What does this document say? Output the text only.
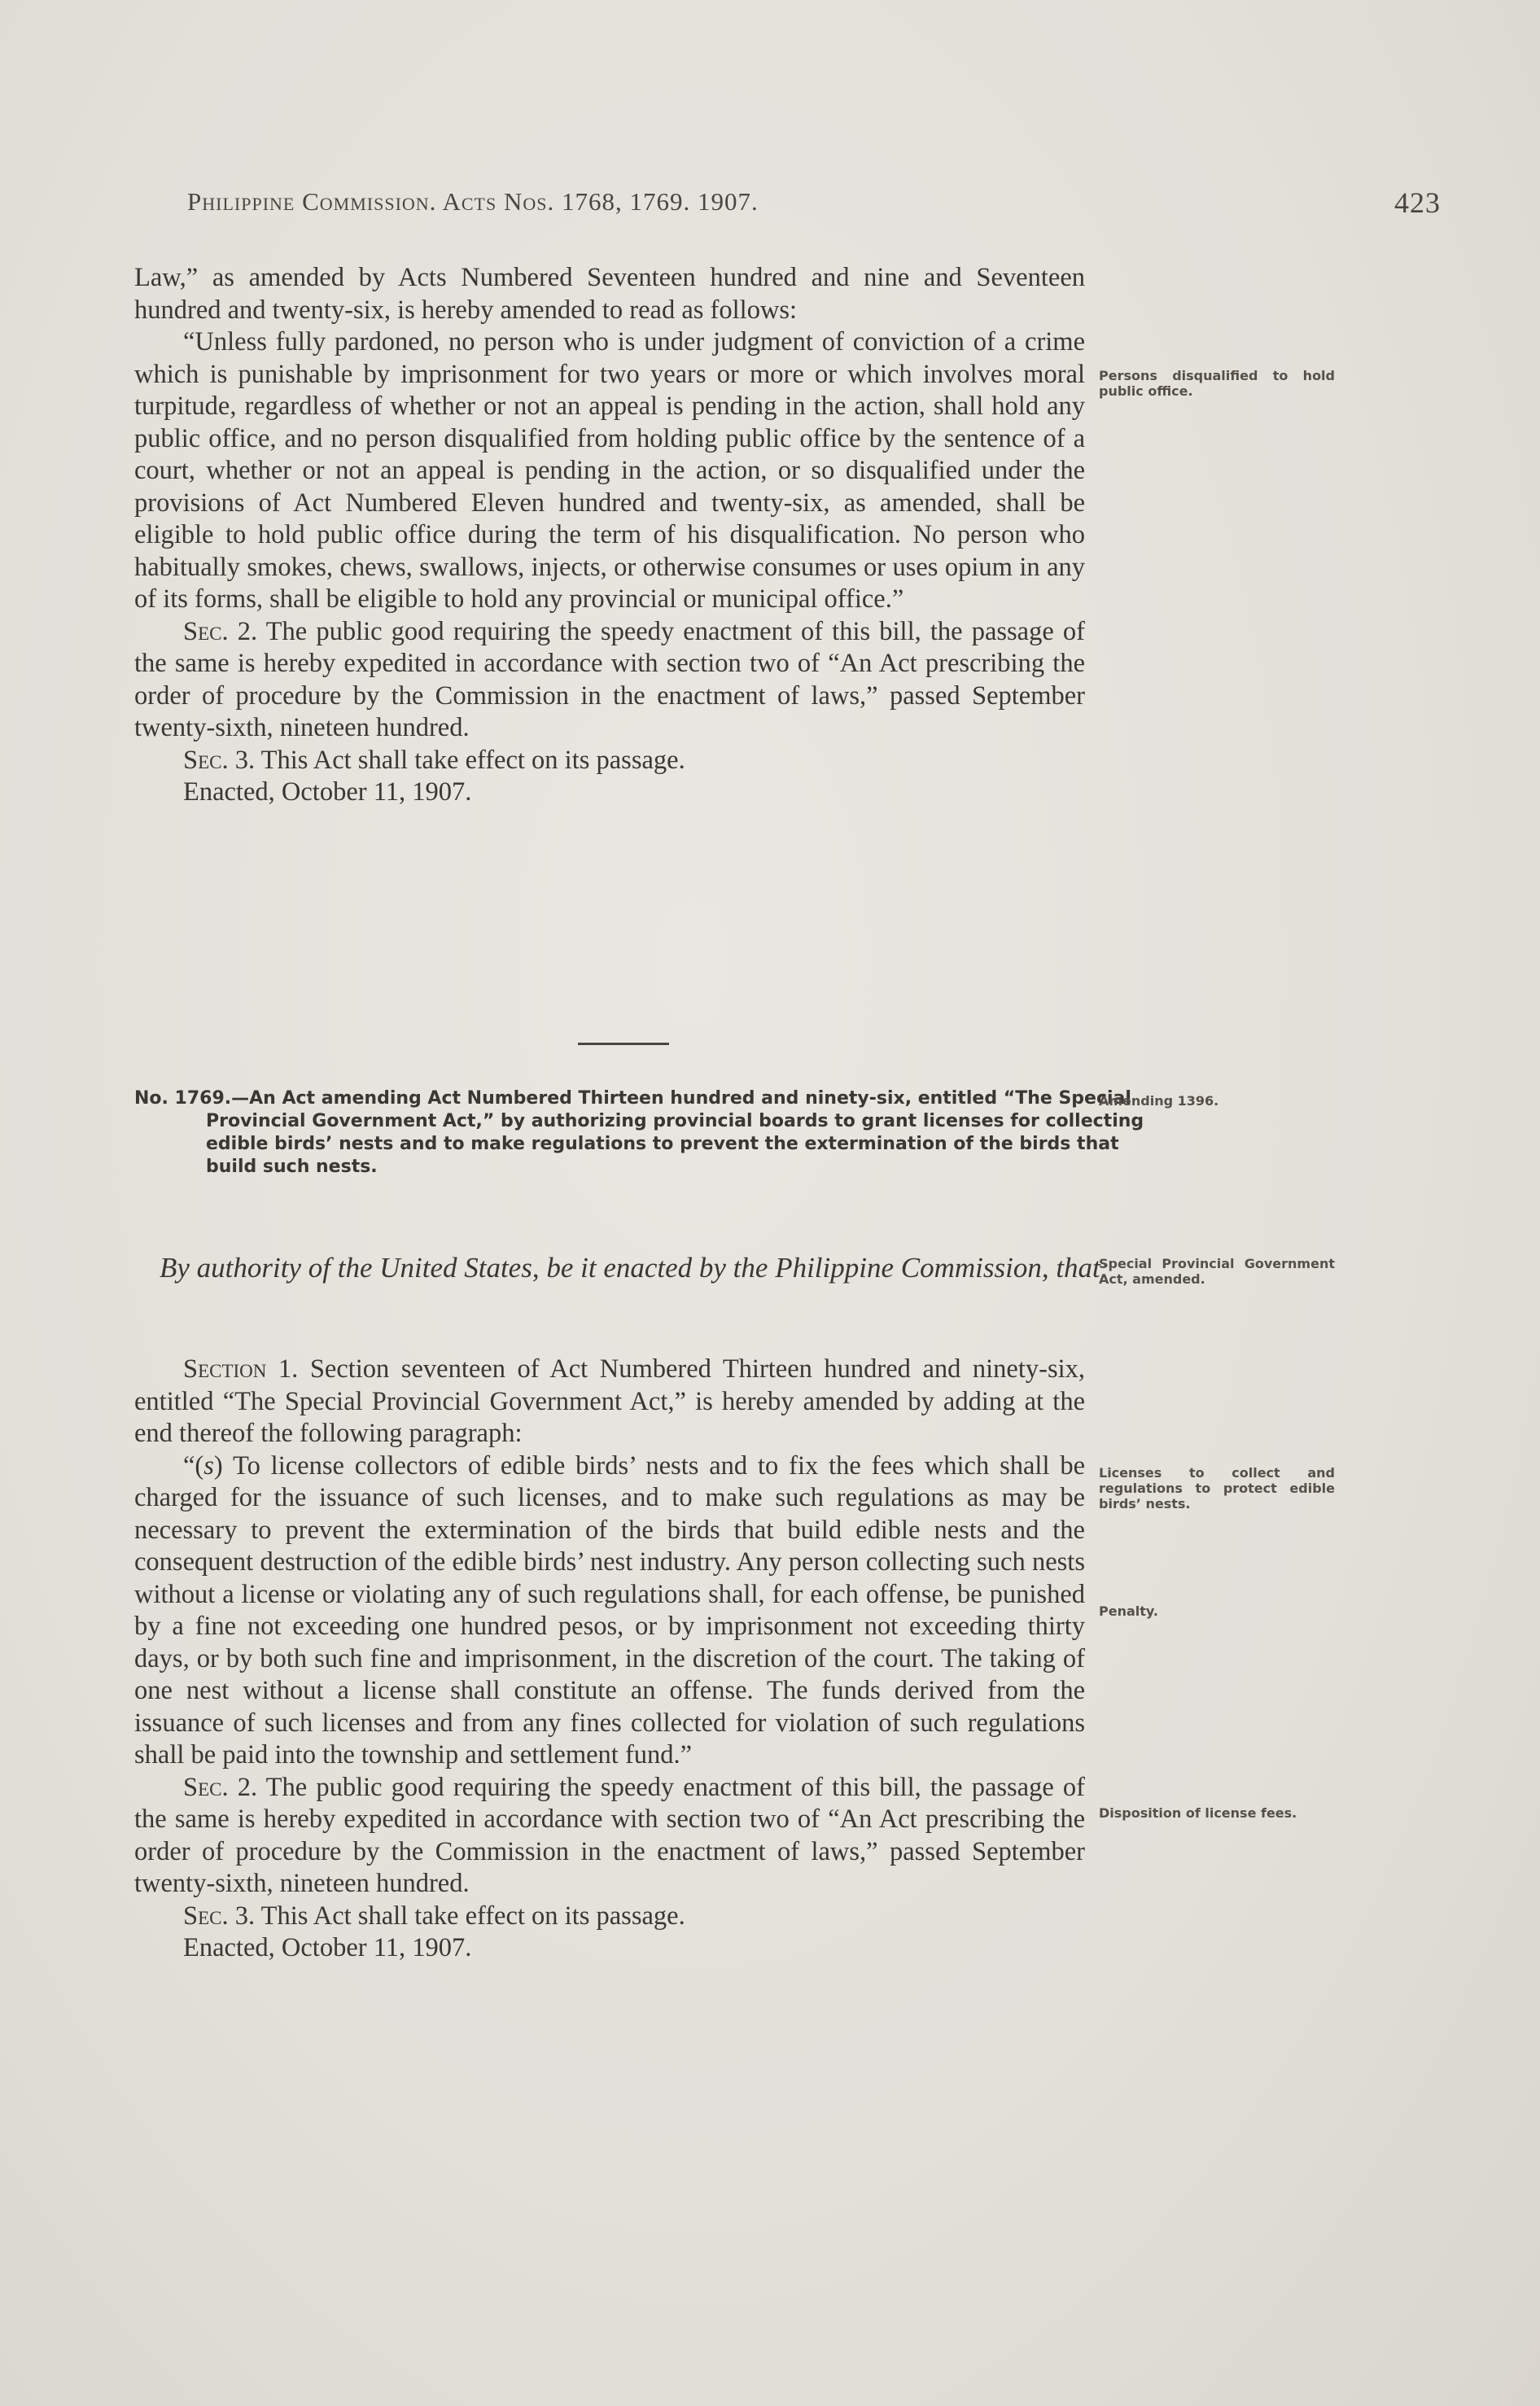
Philippine Commission. Acts Nos. 1768, 1769. 1907.	423

Law,” as amended by Acts Numbered Seventeen hundred and nine and Seventeen hundred and twenty-six, is hereby amended to read as follows:

“Unless fully pardoned, no person who is under judgment of conviction of a crime which is punishable by imprisonment for two years or more or which involves moral turpitude, regardless of whether or not an appeal is pending in the action, shall hold any public office, and no person disqualified from holding public office by the sentence of a court, whether or not an appeal is pending in the action, or so disqualified under the provisions of Act Numbered Eleven hundred and twenty-six, as amended, shall be eligible to hold public office during the term of his disqualification. No person who habitually smokes, chews, swallows, injects, or otherwise consumes or uses opium in any of its forms, shall be eligible to hold any provincial or municipal office.”

Sec. 2. The public good requiring the speedy enactment of this bill, the passage of the same is hereby expedited in accordance with section two of “An Act prescribing the order of procedure by the Commission in the enactment of laws,” passed September twenty-sixth, nineteen hundred.

Sec. 3. This Act shall take effect on its passage.

Enacted, October 11, 1907.

No. 1769.—An Act amending Act Numbered Thirteen hundred and ninety-six, entitled “The Special Provincial Government Act,” by authorizing provincial boards to grant licenses for collecting edible birds’ nests and to make regulations to prevent the extermination of the birds that build such nests.
By authority of the United States, be it enacted by the Philippine Commission, that:

Section 1. Section seventeen of Act Numbered Thirteen hundred and ninety-six, entitled “The Special Provincial Government Act,” is hereby amended by adding at the end thereof the following paragraph:

“(s) To license collectors of edible birds’ nests and to fix the fees which shall be charged for the issuance of such licenses, and to make such regulations as may be necessary to prevent the extermination of the birds that build edible nests and the consequent destruction of the edible birds’ nest industry. Any person collecting such nests without a license or violating any of such regulations shall, for each offense, be punished by a fine not exceeding one hundred pesos, or by imprisonment not exceeding thirty days, or by both such fine and imprisonment, in the discretion of the court. The taking of one nest without a license shall constitute an offense. The funds derived from the issuance of such licenses and from any fines collected for violation of such regulations shall be paid into the township and settlement fund.”

Sec. 2. The public good requiring the speedy enactment of this bill, the passage of the same is hereby expedited in accordance with section two of “An Act prescribing the order of procedure by the Commission in the enactment of laws,” passed September twenty-sixth, nineteen hundred.

Sec. 3. This Act shall take effect on its passage.

Enacted, October 11, 1907.

Persons disqualified to hold public office.
Amending 1396.
Special Provincial Government Act, amended.
Licenses to collect and regulations to protect edible birds’ nests.
Penalty.
Disposition of license fees.
